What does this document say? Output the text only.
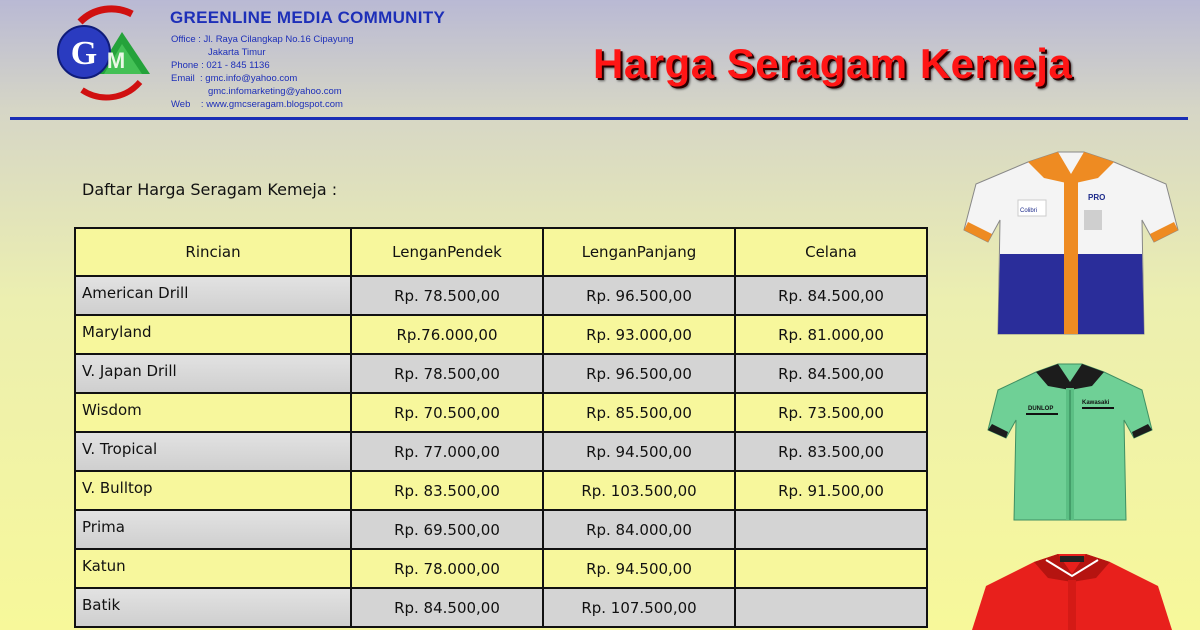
G M
GREENLINE MEDIA COMMUNITY
Office : Jl. Raya Cilangkap No.16 Cipayung
Jakarta Timur
Phone : 021 - 845 1136
Email  : gmc.info@yahoo.com
gmc.infomarketing@yahoo.com
Web    : www.gmcseragam.blogspot.com
Harga Seragam Kemeja
Daftar Harga Seragam Kemeja :
Rincian	LenganPendek	LenganPanjang	Celana
American Drill	Rp. 78.500,00	Rp. 96.500,00	Rp. 84.500,00
Maryland	Rp.76.000,00	Rp. 93.000,00	Rp. 81.000,00
V. Japan Drill	Rp. 78.500,00	Rp. 96.500,00	Rp. 84.500,00
Wisdom	Rp. 70.500,00	Rp. 85.500,00	Rp. 73.500,00
V. Tropical	Rp. 77.000,00	Rp. 94.500,00	Rp. 83.500,00
V. Bulltop	Rp. 83.500,00	Rp. 103.500,00	Rp. 91.500,00
Prima	Rp. 69.500,00	Rp. 84.000,00	
Katun	Rp. 78.000,00	Rp. 94.500,00	
Batik	Rp. 84.500,00	Rp. 107.500,00	
Colibri
PRO
DUNLOP
Kawasaki
